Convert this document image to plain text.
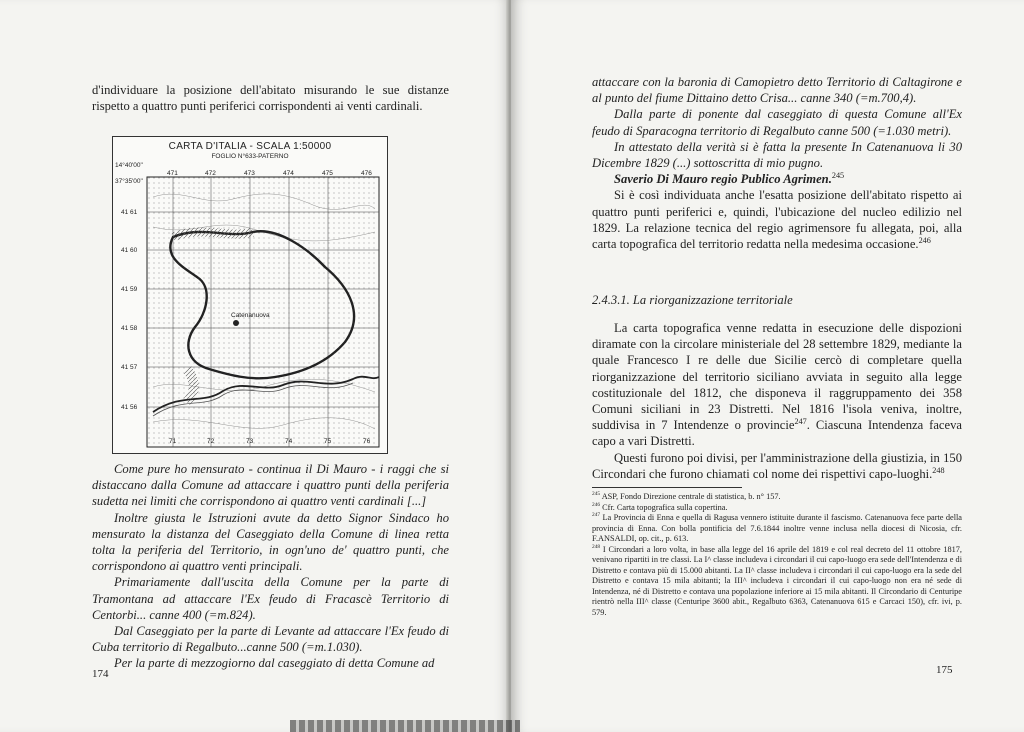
d'individuare la posizione dell'abitato misurando le sue distanze rispetto a quattro punti periferici corrispondenti ai venti cardinali.

CARTA D'ITALIA - SCALA 1:50000
FOGLIO N°633-PATERNO
Catenanuova
14°40'00"
37°35'00"
471	472	473	474	475	476
71	72	73	74	75	76
41 61
41 60
41 59
41 58
41 57
41 56

Come pure ho mensurato - continua il Di Mauro - i raggi che si distaccano dalla Comune ad attaccare i quattro punti della periferia sudetta nei limiti che corrispondono ai quattro venti cardinali [...]

Inoltre giusta le Istruzioni avute da detto Signor Sindaco ho mensurato la distanza del Caseggiato della Comune di linea retta tolta la periferia del Territorio, in ogn'uno de' quattro punti, che corrispondono ai quattro venti principali.

Primariamente dall'uscita della Comune per la parte di Tramontana ad attaccare l'Ex feudo di Fracascè Territorio di Centorbi... canne 400 (=m.824).

Dal Caseggiato per la parte di Levante ad attaccare l'Ex feudo di Cuba territorio di Regalbuto...canne 500 (=m.1.030).

Per la parte di mezzogiorno dal caseggiato di detta Comune ad

174

attaccare con la baronia di Camopietro detto Territorio di Caltagirone e al punto del fiume Dittaino detto Crisa... canne 340 (=m.700,4).

Dalla parte di ponente dal caseggiato di questa Comune all'Ex feudo di Sparacogna territorio di Regalbuto canne 500 (=1.030 metri).

In attestato della verità si è fatta la presente In Catenanuova li 30 Dicembre 1829 (...) sottoscritta di mio pugno.

Saverio Di Mauro regio Publico Agrimen.$^{245}$

Si è così individuata anche l'esatta posizione dell'abitato rispetto ai quattro punti periferici e, quindi, l'ubicazione del nucleo edilizio nel 1829. La relazione tecnica del regio agrimensore fu allegata, poi, alla carta topografica del territorio redatta nella medesima occasione.$^{246}$

2.4.3.1. La riorganizzazione territoriale

La carta topografica venne redatta in esecuzione delle dispozioni diramate con la circolare ministeriale del 28 settembre 1829, mediante la quale Francesco I re delle due Sicilie cercò di completare quella riorganizzazione del territorio siciliano avviata in seguito alla legge costituzionale del 1812, che disponeva il raggruppamento dei 358 Comuni siciliani in 23 Distretti. Nel 1816 l'isola veniva, inoltre, suddivisa in 7 Intendenze o provincie$^{247}$. Ciascuna Intendenza faceva capo a vari Distretti.

Questi furono poi divisi, per l'amministrazione della giustizia, in 150 Circondari che furono chiamati col nome dei rispettivi capo-luoghi.$^{248}$

175

$^{245}$ ASP, Fondo Direzione centrale di statistica, b. n° 157.

$^{246}$ Cfr. Carta topografica sulla copertina.

$^{247}$ La Provincia di Enna e quella di Ragusa vennero istituite durante il fascismo. Catenanuova fece parte della provincia di Enna. Con bolla pontificia del 7.6.1844 inoltre venne inclusa nella diocesi di Nicosia, cfr. F.ANSALDI, op. cit., p. 613.

$^{248}$ I Circondari a loro volta, in base alla legge del 16 aprile del 1819 e col real decreto del 11 ottobre 1817, venivano ripartiti in tre classi. La I^ classe includeva i circondari il cui capo-luogo era sede dell'Intendenza e di Distretto e contava più di 15.000 abitanti. La II^ classe includeva i circondari il cui capo-luogo era la sede del Distretto e contava 15 mila abitanti; la III^ includeva i circondari il cui capo-luogo non era né sede di Intendenza, né di Distretto e contava una popolazione inferiore ai 15 mila abitanti. Il Circondario di Centuripe rientrò nella III^ classe (Centuripe 3600 abit., Regalbuto 6363, Catenanuova 615 e Carcaci 150), cfr. ivi, p. 579.
